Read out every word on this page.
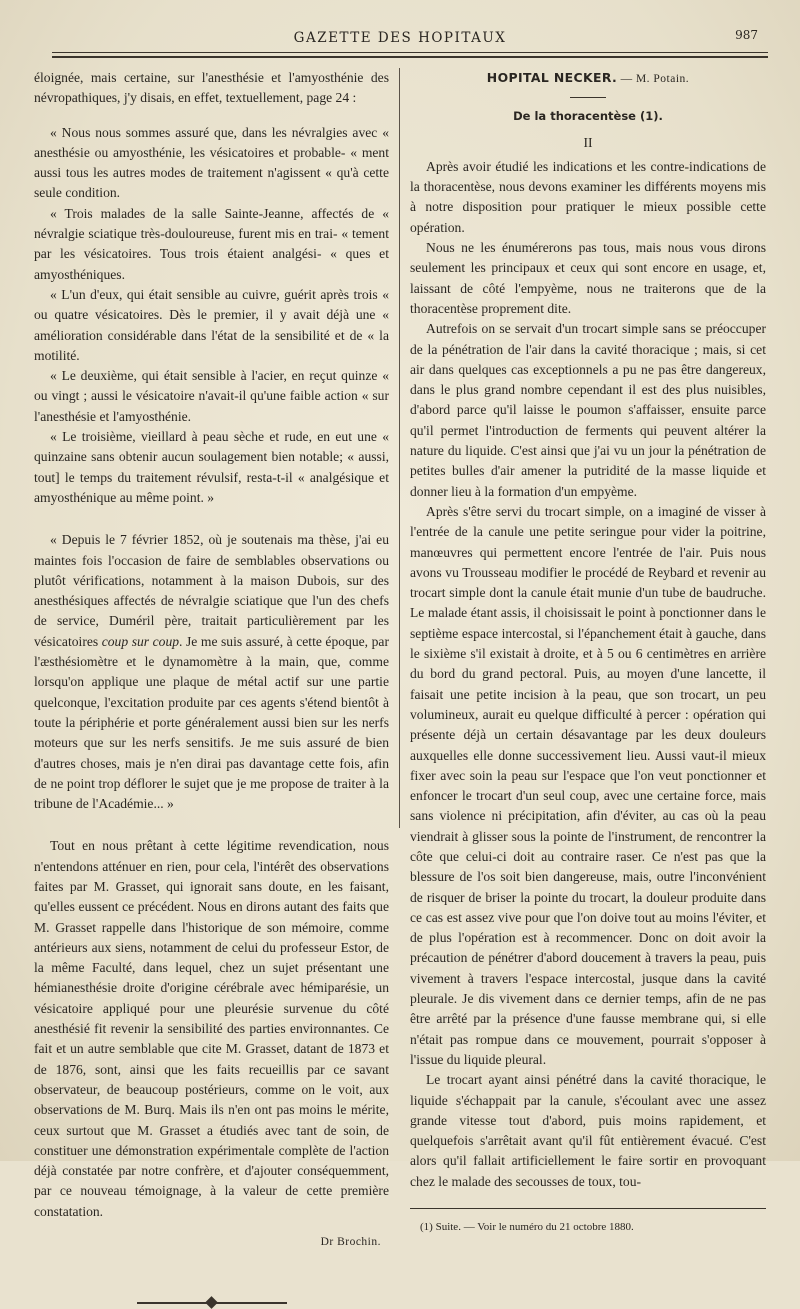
GAZETTE DES HOPITAUX	987

éloignée, mais certaine, sur l'anesthésie et l'amyosthénie des névropathiques, j'y disais, en effet, textuellement, page 24 :

« Nous nous sommes assuré que, dans les névralgies avec « anesthésie ou amyosthénie, les vésicatoires et probable- « ment aussi tous les autres modes de traitement n'agissent « qu'à cette seule condition.

« Trois malades de la salle Sainte-Jeanne, affectés de « névralgie sciatique très-douloureuse, furent mis en trai- « tement par les vésicatoires. Tous trois étaient analgési- « ques et amyosthéniques.

« L'un d'eux, qui était sensible au cuivre, guérit après trois « ou quatre vésicatoires. Dès le premier, il y avait déjà une « amélioration considérable dans l'état de la sensibilité et de « la motilité.

« Le deuxième, qui était sensible à l'acier, en reçut quinze « ou vingt ; aussi le vésicatoire n'avait-il qu'une faible action « sur l'anesthésie et l'amyosthénie.

« Le troisième, vieillard à peau sèche et rude, en eut une « quinzaine sans obtenir aucun soulagement bien notable; « aussi, tout] le temps du traitement révulsif, resta-t-il « analgésique et amyosthénique au même point. »

« Depuis le 7 février 1852, où je soutenais ma thèse, j'ai eu maintes fois l'occasion de faire de semblables observations ou plutôt vérifications, notamment à la maison Dubois, sur des anesthésiques affectés de névralgie sciatique que l'un des chefs de service, Duméril père, traitait particulièrement par les vésicatoires coup sur coup. Je me suis assuré, à cette époque, par l'æsthésiomètre et le dynamomètre à la main, que, comme lorsqu'on applique une plaque de métal actif sur une partie quelconque, l'excitation produite par ces agents s'étend bientôt à toute la périphérie et porte généralement aussi bien sur les nerfs moteurs que sur les nerfs sensitifs. Je me suis assuré de bien d'autres choses, mais je n'en dirai pas davantage cette fois, afin de ne point trop déflorer le sujet que je me propose de traiter à la tribune de l'Académie... »

Tout en nous prêtant à cette légitime revendication, nous n'entendons atténuer en rien, pour cela, l'intérêt des observations faites par M. Grasset, qui ignorait sans doute, en les faisant, qu'elles eussent ce précédent. Nous en dirons autant des faits que M. Grasset rappelle dans l'historique de son mémoire, comme antérieurs aux siens, notamment de celui du professeur Estor, de la même Faculté, dans lequel, chez un sujet présentant une hémianesthésie droite d'origine cérébrale avec hémiparésie, un vésicatoire appliqué pour une pleurésie survenue du côté anesthésié fit revenir la sensibilité des parties environnantes. Ce fait et un autre semblable que cite M. Grasset, datant de 1873 et de 1876, sont, ainsi que les faits recueillis par ce savant observateur, de beaucoup postérieurs, comme on le voit, aux observations de M. Burq. Mais ils n'en ont pas moins le mérite, ceux surtout que M. Grasset a étudiés avec tant de soin, de constituer une démonstration expérimentale complète de l'action déjà constatée par notre confrère, et d'ajouter conséquemment, par ce nouveau témoignage, à la valeur de cette première constatation.

Dr Brochin.
HOPITAL NECKER. — M. Potain.
De la thoracentèse (1).
II

Après avoir étudié les indications et les contre-indications de la thoracentèse, nous devons examiner les différents moyens mis à notre disposition pour pratiquer le mieux possible cette opération.

Nous ne les énumérerons pas tous, mais nous vous dirons seulement les principaux et ceux qui sont encore en usage, et, laissant de côté l'empyème, nous ne traiterons que de la thoracentèse proprement dite.

Autrefois on se servait d'un trocart simple sans se préoccuper de la pénétration de l'air dans la cavité thoracique ; mais, si cet air dans quelques cas exceptionnels a pu ne pas être dangereux, dans le plus grand nombre cependant il est des plus nuisibles, d'abord parce qu'il laisse le poumon s'affaisser, ensuite parce qu'il permet l'introduction de ferments qui peuvent altérer la nature du liquide. C'est ainsi que j'ai vu un jour la pénétration de petites bulles d'air amener la putridité de la masse liquide et donner lieu à la formation d'un empyème.

Après s'être servi du trocart simple, on a imaginé de visser à l'entrée de la canule une petite seringue pour vider la poitrine, manœuvres qui permettent encore l'entrée de l'air. Puis nous avons vu Trousseau modifier le procédé de Reybard et revenir au trocart simple dont la canule était munie d'un tube de baudruche. Le malade étant assis, il choisissait le point à ponctionner dans le septième espace intercostal, si l'épanchement était à gauche, dans le sixième s'il existait à droite, et à 5 ou 6 centimètres en arrière du bord du grand pectoral. Puis, au moyen d'une lancette, il faisait une petite incision à la peau, que son trocart, un peu volumineux, aurait eu quelque difficulté à percer : opération qui présente déjà un certain désavantage par les deux douleurs auxquelles elle donne successivement lieu. Aussi vaut-il mieux fixer avec soin la peau sur l'espace que l'on veut ponctionner et enfoncer le trocart d'un seul coup, avec une certaine force, mais sans violence ni précipitation, afin d'éviter, au cas où la peau viendrait à glisser sous la pointe de l'instrument, de rencontrer la côte que celui-ci doit au contraire raser. Ce n'est pas que la blessure de l'os soit bien dangereuse, mais, outre l'inconvénient de risquer de briser la pointe du trocart, la douleur produite dans ce cas est assez vive pour que l'on doive tout au moins l'éviter, et de plus l'opération est à recommencer. Donc on doit avoir la précaution de pénétrer d'abord doucement à travers la peau, puis vivement à travers l'espace intercostal, jusque dans la cavité pleurale. Je dis vivement dans ce dernier temps, afin de ne pas être arrêté par la présence d'une fausse membrane qui, si elle n'était pas rompue dans ce mouvement, pourrait s'opposer à l'issue du liquide pleural.

Le trocart ayant ainsi pénétré dans la cavité thoracique, le liquide s'échappait par la canule, s'écoulant avec une assez grande vitesse tout d'abord, puis moins rapidement, et quelquefois s'arrêtait avant qu'il fût entièrement évacué. C'est alors qu'il fallait artificiellement le faire sortir en provoquant chez le malade des secousses de toux, tou-

(1) Suite. — Voir le numéro du 21 octobre 1880.
